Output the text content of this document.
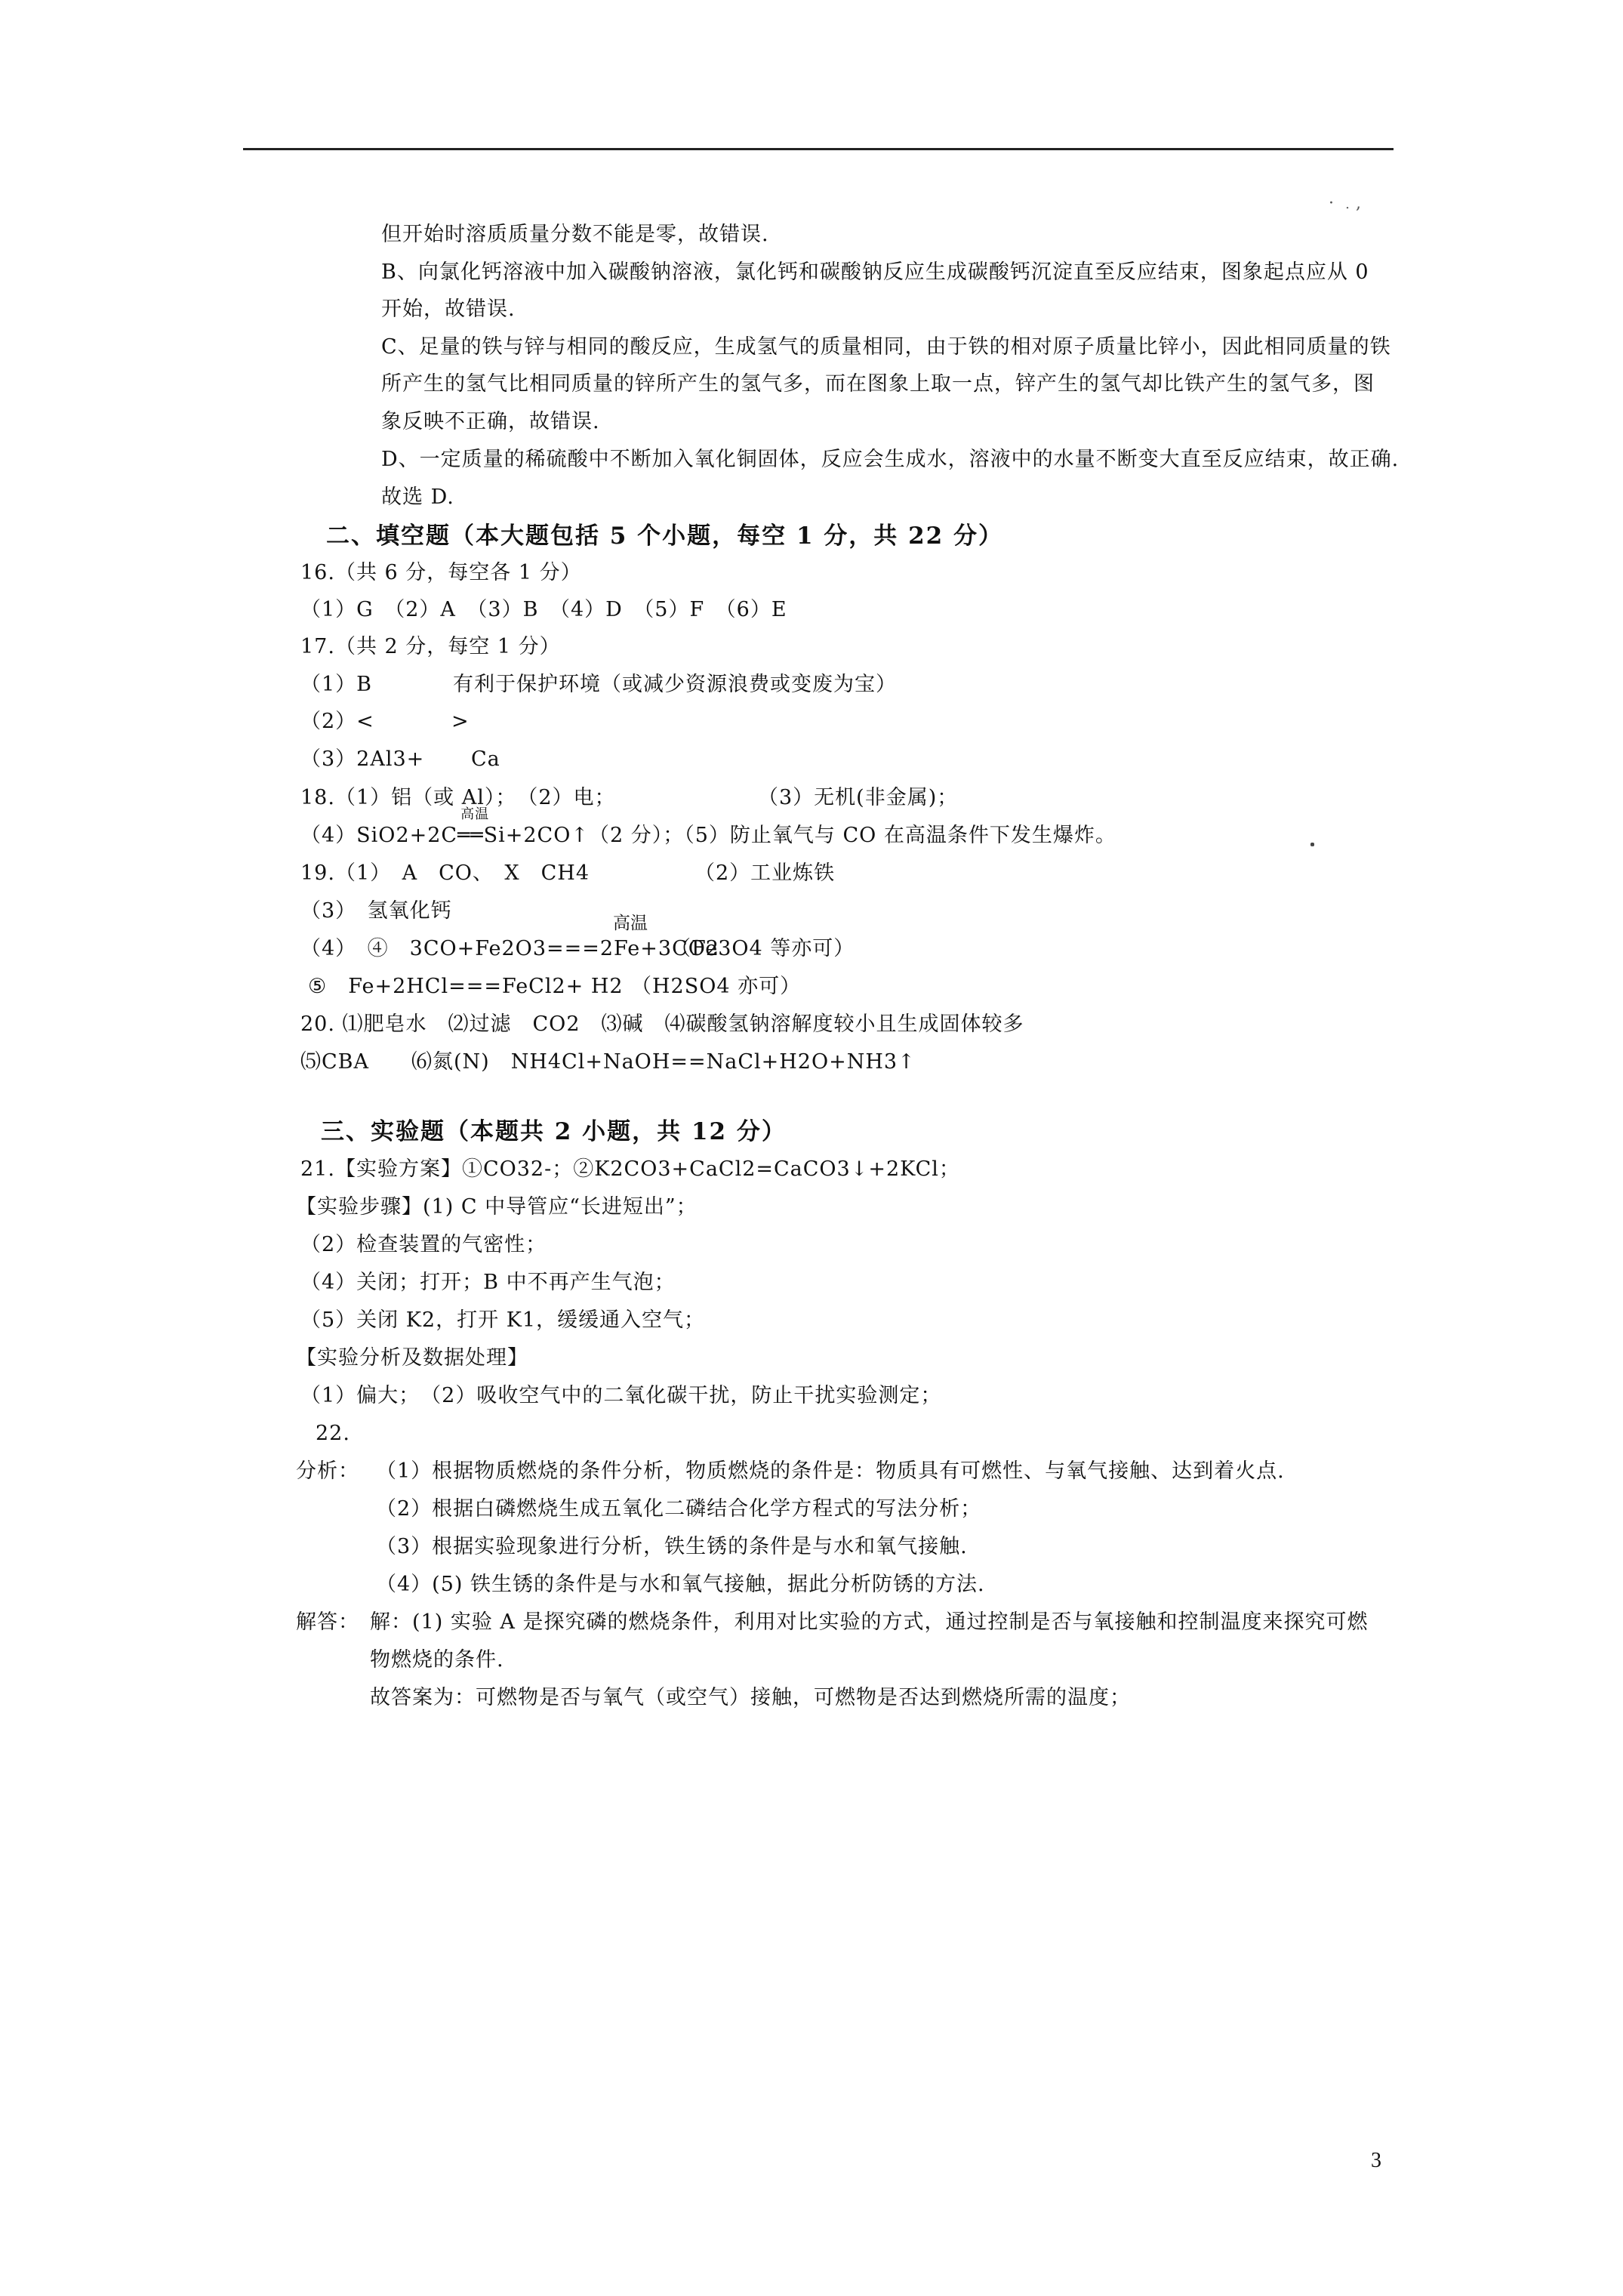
· ﹒,
但开始时溶质质量分数不能是零，故错误.
B、向氯化钙溶液中加入碳酸钠溶液，氯化钙和碳酸钠反应生成碳酸钙沉淀直至反应结束，图象起点应从 0
开始，故错误.
C、足量的铁与锌与相同的酸反应，生成氢气的质量相同，由于铁的相对原子质量比锌小，因此相同质量的铁
所产生的氢气比相同质量的锌所产生的氢气多，而在图象上取一点，锌产生的氢气却比铁产生的氢气多，图
象反映不正确，故错误.
D、一定质量的稀硫酸中不断加入氧化铜固体，反应会生成水，溶液中的水量不断变大直至反应结束，故正确.
故选 D.
二、填空题（本大题包括 5 个小题，每空 1 分，共 22 分）
16.（共 6 分，每空各 1 分）
（1）G　（2）A　（3）B　（4）D　（5）F　（6）E
17.（共 2 分，每空 1 分）
（1）B	有利于保护环境（或减少资源浪费或变废为宝）
（2）<	>
（3）2Al3+ Ca
18.（1）铝（或 Al）；　（2）电；	（3）无机(非金属)；
（4）SiO2+2C
高温
══Si+2CO↑（2 分）；（5）防止氧气与 CO 在高温条件下发生爆炸。
19.（1）　A　CO、　X　CH4	（2）工业炼铁
（3）　氢氧化钙
高温
（4）　④　3CO+Fe2O3===2Fe+3CO2
（Fe3O4 等亦可）
⑤　Fe+2HCl===FeCl2+ H2 （H2SO4 亦可）
20. ⑴肥皂水　⑵过滤　CO2　⑶碱　⑷碳酸氢钠溶解度较小且生成固体较多
⑸CBA　　⑹氮(N)　NH4Cl+NaOH==NaCl+H2O+NH3↑
三、实验题（本题共 2 小题，共 12 分）
21.【实验方案】①CO32-；②K2CO3+CaCl2=CaCO3↓+2KCl；
【实验步骤】(1) C 中导管应“长进短出”；
（2）检查装置的气密性；
（4）关闭；打开；B 中不再产生气泡；
（5）关闭 K2，打开 K1，缓缓通入空气；
【实验分析及数据处理】
（1）偏大；　（2）吸收空气中的二氧化碳干扰，防止干扰实验测定；
22.
分析： （1）根据物质燃烧的条件分析，物质燃烧的条件是：物质具有可燃性、与氧气接触、达到着火点.
（2）根据白磷燃烧生成五氧化二磷结合化学方程式的写法分析；
（3）根据实验现象进行分析，铁生锈的条件是与水和氧气接触.
（4）(5) 铁生锈的条件是与水和氧气接触，据此分析防锈的方法.
解答： 解：(1) 实验 A 是探究磷的燃烧条件，利用对比实验的方式，通过控制是否与氧接触和控制温度来探究可燃
物燃烧的条件.
故答案为：可燃物是否与氧气（或空气）接触，可燃物是否达到燃烧所需的温度；
3
.
